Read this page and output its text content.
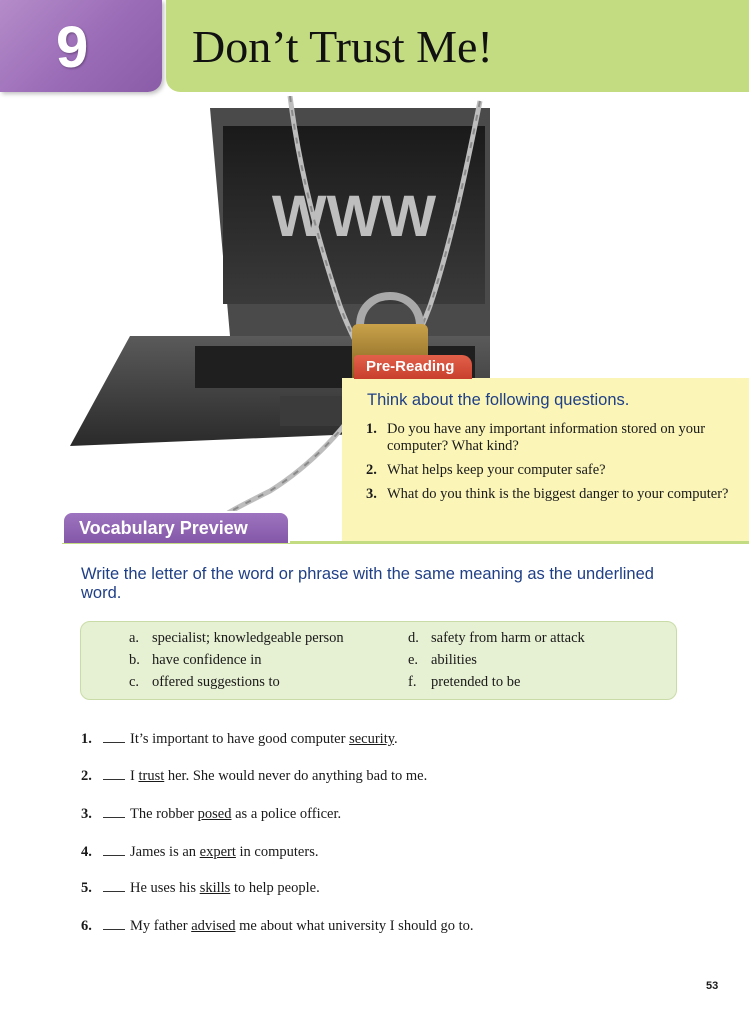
9 Don’t Trust Me!
WWW
Pre-Reading
Think about the following questions.
1. Do you have any important information stored on your computer? What kind?
2. What helps keep your computer safe?
3. What do you think is the biggest danger to your computer?
Vocabulary Preview
Write the letter of the word or phrase with the same meaning as the underlined word.
a. specialist; knowledgeable person
b. have confidence in
c. offered suggestions to
d. safety from harm or attack
e. abilities
f.	pretended to be
1.	It’s important to have good computer security.
2.	I trust her. She would never do anything bad to me.
3.	The robber posed as a police officer.
4.	James is an expert in computers.
5.	He uses his skills to help people.
6.	My father advised me about what university I should go to.
53
